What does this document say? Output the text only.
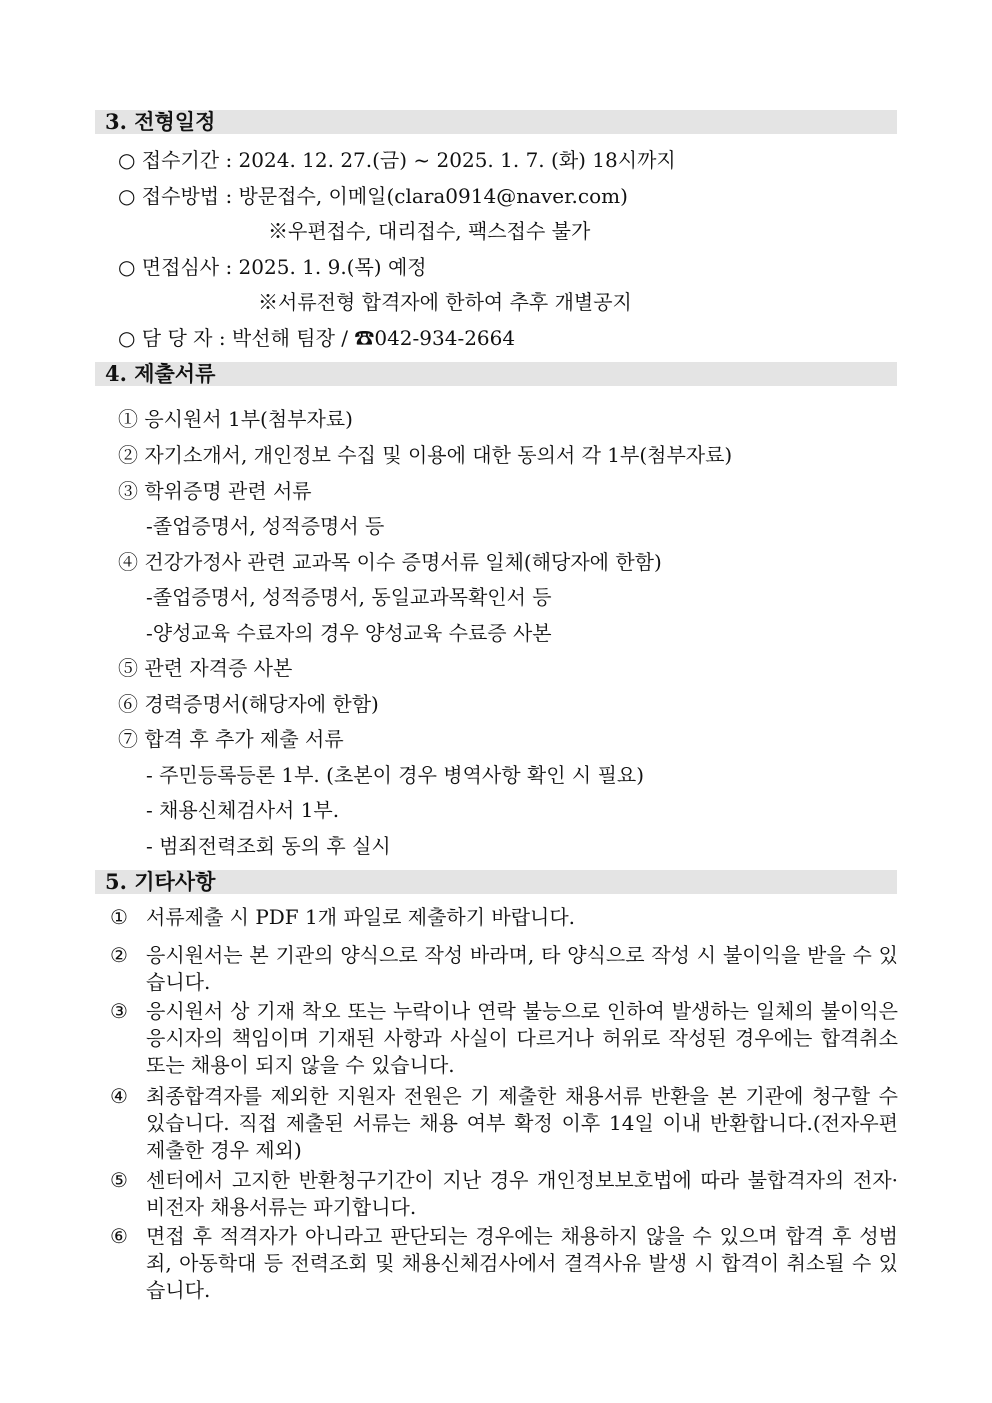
3. 전형일정
○ 접수기간 : 2024. 12. 27.(금) ~ 2025. 1. 7. (화) 18시까지
○ 접수방법 : 방문접수, 이메일(clara0914@naver.com)
※우편접수, 대리접수, 팩스접수 불가
○ 면접심사 : 2025. 1. 9.(목) 예정
※서류전형 합격자에 한하여 추후 개별공지
○ 담 당 자 : 박선해 팀장 / ☎042-934-2664
4. 제출서류
① 응시원서 1부(첨부자료)
② 자기소개서, 개인정보 수집 및 이용에 대한 동의서 각 1부(첨부자료)
③ 학위증명 관련 서류
-졸업증명서, 성적증명서 등
④ 건강가정사 관련 교과목 이수 증명서류 일체(해당자에 한함)
-졸업증명서, 성적증명서, 동일교과목확인서 등
-양성교육 수료자의 경우 양성교육 수료증 사본
⑤ 관련 자격증 사본
⑥ 경력증명서(해당자에 한함)
⑦ 합격 후 추가 제출 서류
- 주민등록등론 1부. (초본이 경우 병역사항 확인 시 필요)
- 채용신체검사서 1부.
- 범죄전력조회 동의 후 실시
5. 기타사항
① 서류제출 시 PDF 1개 파일로 제출하기 바랍니다.
② 응시원서는 본 기관의 양식으로 작성 바라며, 타 양식으로 작성 시 불이익을 받을 수 있습니다.
③ 응시원서 상 기재 착오 또는 누락이나 연락 불능으로 인하여 발생하는 일체의 불이익은 응시자의 책임이며 기재된 사항과 사실이 다르거나 허위로 작성된 경우에는 합격취소 또는 채용이 되지 않을 수 있습니다.
④ 최종합격자를 제외한 지원자 전원은 기 제출한 채용서류 반환을 본 기관에 청구할 수 있습니다. 직접 제출된 서류는 채용 여부 확정 이후 14일 이내 반환합니다.(전자우편 제출한 경우 제외)
⑤ 센터에서 고지한 반환청구기간이 지난 경우 개인정보보호법에 따라 불합격자의 전자·비전자 채용서류는 파기합니다.
⑥ 면접 후 적격자가 아니라고 판단되는 경우에는 채용하지 않을 수 있으며 합격 후 성범죄, 아동학대 등 전력조회 및 채용신체검사에서 결격사유 발생 시 합격이 취소될 수 있습니다.
